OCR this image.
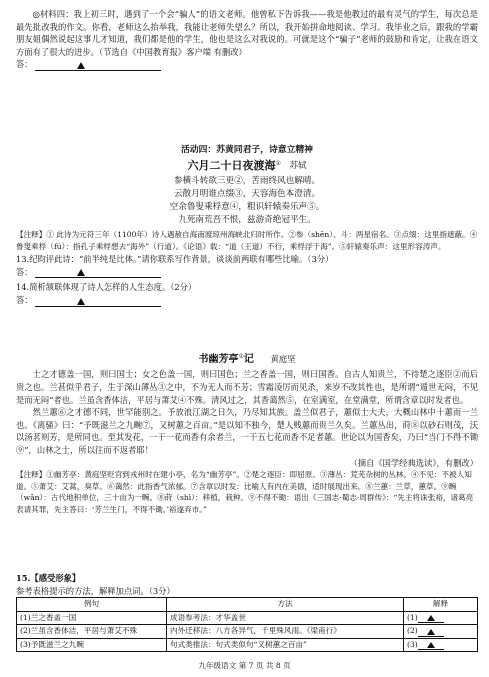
◎材料四：我上初三时，遇到了一个会“骗人”的语文老师。他曾私下告诉我——我是他教过的最有灵气的学生，每次总是最先批改我的作文。你看，老师这么抬举我，我能让老师失望么？所以，我开始拼命地阅读、学习。我毕业之后，跟我的学霸朋友姐偶然说起这事儿才知道，我们都是他的学生，他也是这么对我说的。可就是这个“骗子”老师的鼓励和肯定，让我在语文方面有了很大的进步。（节选自《中国教育报》客户端 有删改）

答：
活动四：苏黄同君子，诗意立精神
六月二十日夜渡海① 苏轼
参横斗转欲三更②，苦雨终风也解晴。
云散月明谁点缀③，天容海色本澄清。
空余鲁叟乘桴意④，粗识轩辕奏乐声⑤。
九死南荒吾不恨，兹游奇绝冠平生。
【注释】① 此诗为元符三年（1100年）诗人遇赦自海南渡琼州海峡北归时所作。②参（shēn）、斗：两星宿名。③点缀：这里指遮蔽。④鲁叟乘桴（fú）：指孔子乘桴想去“海外”（行道）。《论语》载：“道（王道）不行，乘桴浮于海”。⑤轩辕奏乐声：这里形容涛声。
13.纪昀评此诗：“前半纯是比体。”请你联系写作背景，谈谈前两联有哪些比喻。（3分）
答：
14.简析颔联体现了诗人怎样的人生态度。（2分）
答：
书幽芳亭①记 黄庭坚

士之才德盖一国，则曰国士；女之色盖一国，则曰国色；兰之香盖一国，则曰国香。自古人知贵兰，不待楚之逐臣②而后贵之也。兰甚似乎君子，生于深山薄丛③之中，不为无人而不芳；雪霜凌厉而见杀，来岁不改其性也，是所谓“遁世无闷，不见是而无闷”者也。兰虽含香体洁，平居与萧艾④不殊。清风过之，其香蔼然⑤，在室满室，在堂满堂，所谓含章以时发者也。

然兰蕙⑥之才德不同，世罕能别之。予放浪江湖之日久，乃尽知其族。盖兰似君子，蕙似士大夫，大概山林中十蕙而一兰也。《离骚》曰：“予既滋兰之九畹⑦，又树蕙之百亩。”是以知不独今，楚人贱蕙而贵兰久矣。兰蕙丛出，莳⑧以砂石则茂，沃以汤茗则芳，是所同也。至其发花，一干一花而香有余者兰，一干五七花而香不足者蕙。世论以为国香矣，乃曰“当门不得不锄⑨”，山林之士，所以往而不返者耶！

（摘自《国学经典选读》，有删改）
【注释】①幽芳亭：黄庭坚贬官到戎州时在建小亭，名为“幽芳亭”。②楚之逐臣：即屈原。③薄丛：荒芜杂树的丛林。④不见：不被人知道。⑤萧艾：艾蒿，臭草。⑥蔼然：此指香气浓郁。⑦含章以时发：比喻人有内在美德，适时展现出来。⑧兰蕙：兰草，蕙草。⑨畹（wǎn）：古代地积单位，三十亩为一畹。⑧莳（shì）：移植，栽种。⑨不得不锄：语出《三国志·蜀志·周群传》：“先主将诛张裕，诸葛亮表请其罪，先主答曰：‘芳兰生门，不得不锄。’裕遂弃市。”
15.【感受形象】
参考表格提示的方法，解释加点词。（3分）
例句	方法	解释
(1)兰之香盖一国	成语参考法：才华盖世	(1)

(2)兰虽含香体洁，平居与萧艾不殊	内外迁移法：八方各异气，千里殊风雨。《梁甫行》	(2)

(3)予既滋兰之九畹	句式类推法：句式类似句“又树蕙之百亩”	(3)
九年级语文 第 7 页 共 8 页
